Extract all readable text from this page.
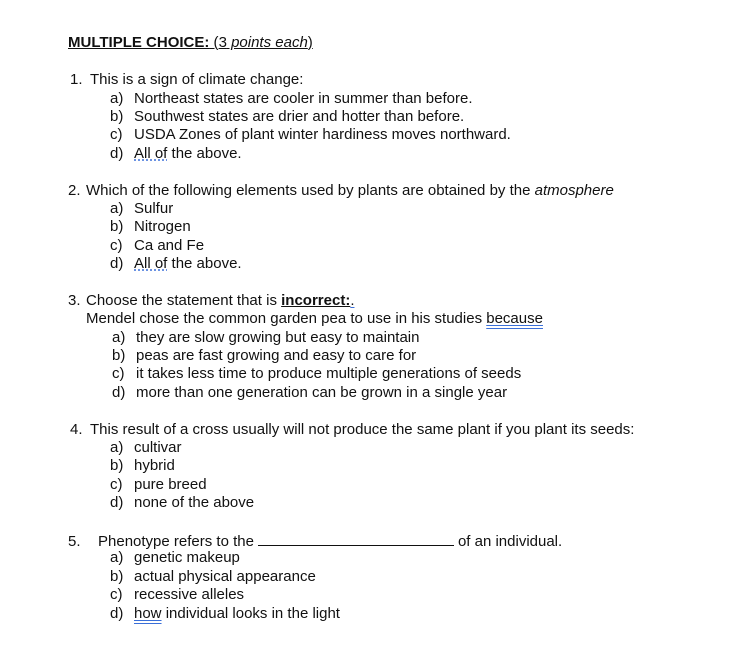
MULTIPLE CHOICE: (3 points each)
1. This is a sign of climate change:
a) Northeast states are cooler in summer than before.
b) Southwest states are drier and hotter than before.
c) USDA Zones of plant winter hardiness moves northward.
d) All of the above.
2. Which of the following elements used by plants are obtained by the atmosphere
a) Sulfur
b) Nitrogen
c) Ca and Fe
d) All of the above.
3. Choose the statement that is incorrect:.
Mendel chose the common garden pea to use in his studies because
a) they are slow growing but easy to maintain
b) peas are fast growing and easy to care for
c) it takes less time to produce multiple generations of seeds
d) more than one generation can be grown in a single year
4. This result of a cross usually will not produce the same plant if you plant its seeds:
a) cultivar
b) hybrid
c) pure breed
d) none of the above
5. Phenotype refers to the	of an individual.
a) genetic makeup
b) actual physical appearance
c) recessive alleles
d) how individual looks in the light
